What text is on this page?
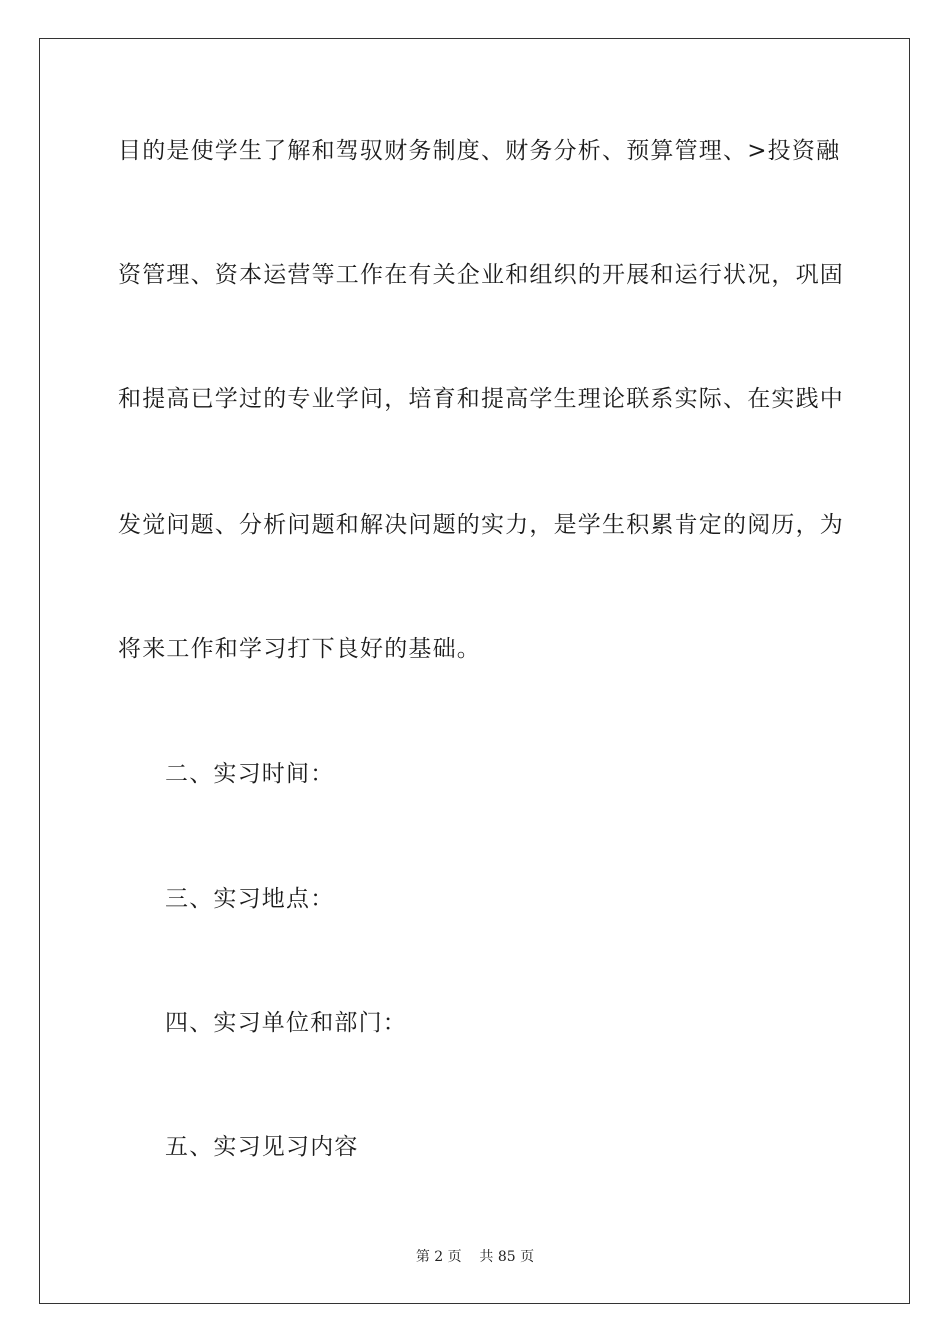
目的是使学生了解和驾驭财务制度、财务分析、预算管理、>投资融
资管理、资本运营等工作在有关企业和组织的开展和运行状况，巩固
和提高已学过的专业学问，培育和提高学生理论联系实际、在实践中
发觉问题、分析问题和解决问题的实力，是学生积累肯定的阅历，为
将来工作和学习打下良好的基础。
二、实习时间：
三、实习地点：
四、实习单位和部门：
五、实习见习内容
第 2 页    共 85 页
